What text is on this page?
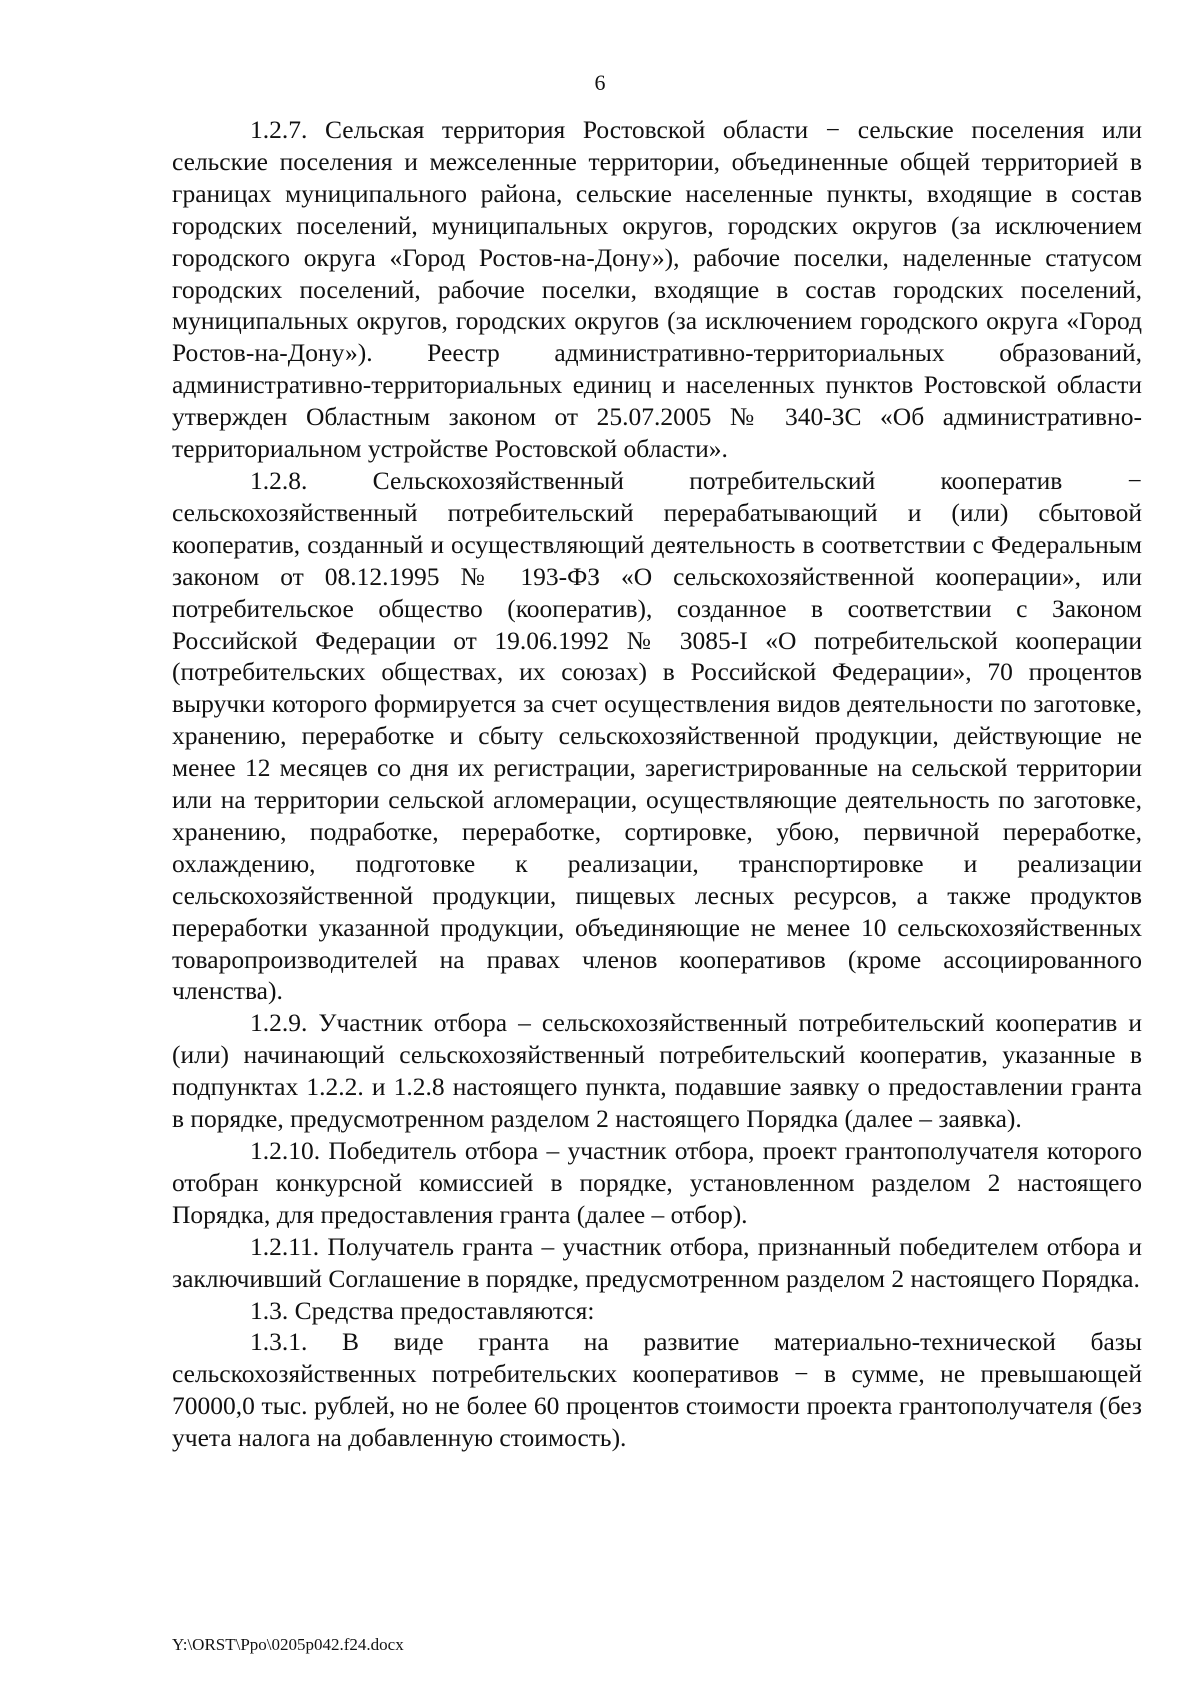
6

1.2.7. Сельская территория Ростовской области − сельские поселения или сельские поселения и межселенные территории, объединенные общей территорией в границах муниципального района, сельские населенные пункты, входящие в состав городских поселений, муниципальных округов, городских округов (за исключением городского округа «Город Ростов-на-Дону»), рабочие поселки, наделенные статусом городских поселений, рабочие поселки, входящие в состав городских поселений, муниципальных округов, городских округов (за исключением городского округа «Город Ростов-на-Дону»). Реестр административно-территориальных образований, административно-территориальных единиц и населенных пунктов Ростовской области утвержден Областным законом от 25.07.2005 № 340-ЗС «Об административно-территориальном устройстве Ростовской области».

1.2.8. Сельскохозяйственный потребительский кооператив − сельскохозяйственный потребительский перерабатывающий и (или) сбытовой кооператив, созданный и осуществляющий деятельность в соответствии с Федеральным законом от 08.12.1995 № 193-ФЗ «О сельскохозяйственной кооперации», или потребительское общество (кооператив), созданное в соответствии с Законом Российской Федерации от 19.06.1992 № 3085-I «О потребительской кооперации (потребительских обществах, их союзах) в Российской Федерации», 70 процентов выручки которого формируется за счет осуществления видов деятельности по заготовке, хранению, переработке и сбыту сельскохозяйственной продукции, действующие не менее 12 месяцев со дня их регистрации, зарегистрированные на сельской территории или на территории сельской агломерации, осуществляющие деятельность по заготовке, хранению, подработке, переработке, сортировке, убою, первичной переработке, охлаждению, подготовке к реализации, транспортировке и реализации сельскохозяйственной продукции, пищевых лесных ресурсов, а также продуктов переработки указанной продукции, объединяющие не менее 10 сельскохозяйственных товаропроизводителей на правах членов кооперативов (кроме ассоциированного членства).

1.2.9. Участник отбора – сельскохозяйственный потребительский кооператив и (или) начинающий сельскохозяйственный потребительский кооператив, указанные в подпунктах 1.2.2. и 1.2.8 настоящего пункта, подавшие заявку о предоставлении гранта в порядке, предусмотренном разделом 2 настоящего Порядка (далее – заявка).

1.2.10. Победитель отбора – участник отбора, проект грантополучателя которого отобран конкурсной комиссией в порядке, установленном разделом 2 настоящего Порядка, для предоставления гранта (далее – отбор).

1.2.11. Получатель гранта – участник отбора, признанный победителем отбора и заключивший Соглашение в порядке, предусмотренном разделом 2 настоящего Порядка.

1.3. Средства предоставляются:

1.3.1. В виде гранта на развитие материально-технической базы сельскохозяйственных потребительских кооперативов − в сумме, не превышающей 70000,0 тыс. рублей, но не более 60 процентов стоимости проекта грантополучателя (без учета налога на добавленную стоимость).

Y:\ORST\Ppo\0205p042.f24.docx
